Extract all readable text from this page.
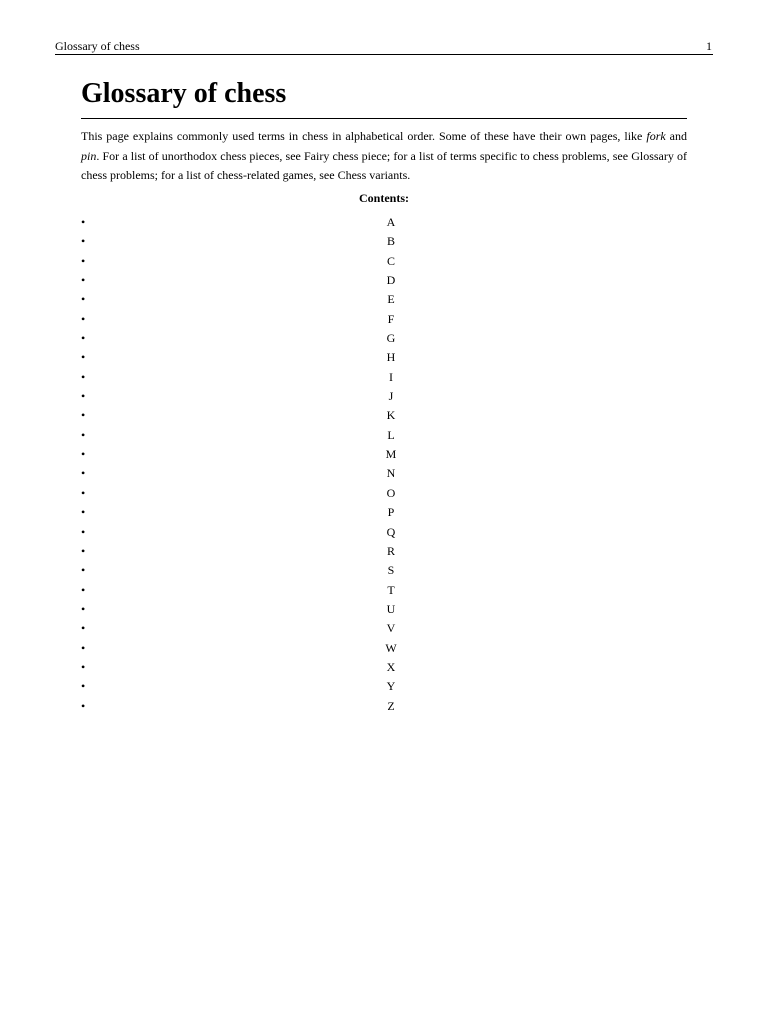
Glossary of chess	1
Glossary of chess

This page explains commonly used terms in chess in alphabetical order. Some of these have their own pages, like fork and pin. For a list of unorthodox chess pieces, see Fairy chess piece; for a list of terms specific to chess problems, see Glossary of chess problems; for a list of chess-related games, see Chess variants.

Contents:
•	A
•	B
•	C
•	D
•	E
•	F
•	G
•	H
•	I
•	J
•	K
•	L
•	M
•	N
•	O
•	P
•	Q
•	R
•	S
•	T
•	U
•	V
•	W
•	X
•	Y
•	Z
